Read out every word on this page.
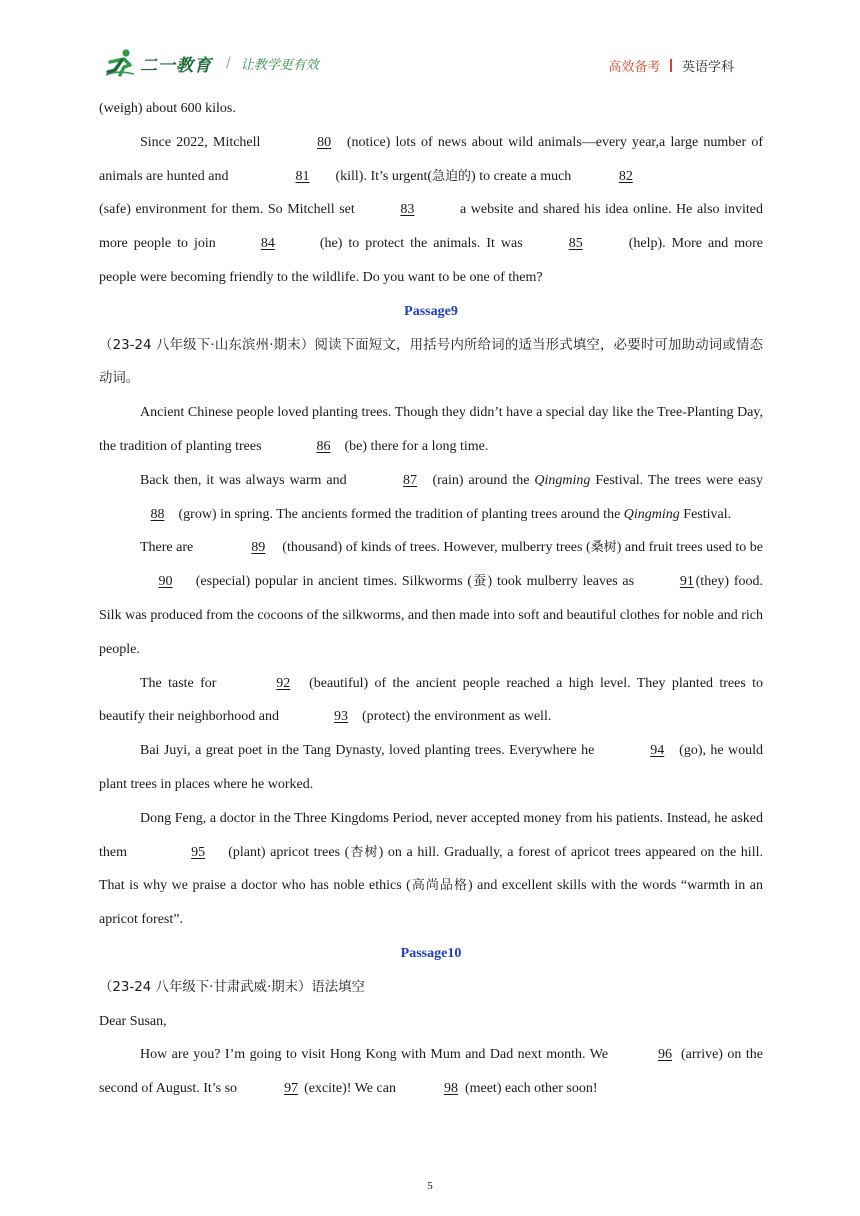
二一教育 / 让教学更有效	高效备考 英语学科

(weigh) about 600 kilos.

Since 2022, Mitchell	80 (notice) lots of news about wild animals—every year,a large number of animals are hunted and	81 (kill). It’s urgent(急迫的) to create a much	82

(safe) environment for them. So Mitchell set	83	a website and shared his idea online. He also invited more people to join	84	(he) to protect the animals. It was	85	(help). More and more people were becoming friendly to the wildlife. Do you want to be one of them?

Passage9

（23-24 八年级下·山东滨州·期末）阅读下面短文，用括号内所给词的适当形式填空，必要时可加助动词或情态动词。

Ancient Chinese people loved planting trees. Though they didn’t have a special day like the Tree-Planting Day, the tradition of planting trees	86 (be) there for a long time.

Back then, it was always warm and	87 (rain) around the Qingming Festival. The trees were easy 88 (grow) in spring. The ancients formed the tradition of planting trees around the Qingming Festival.

There are	89 (thousand) of kinds of trees. However, mulberry trees (桑树) and fruit trees used to be 90 (especial) popular in ancient times. Silkworms (蚕) took mulberry leaves as	91 (they) food. Silk was produced from the cocoons of the silkworms, and then made into soft and beautiful clothes for noble and rich people.

The taste for	92 (beautiful) of the ancient people reached a high level. They planted trees to beautify their neighborhood and	93 (protect) the environment as well.

Bai Juyi, a great poet in the Tang Dynasty, loved planting trees. Everywhere he	94 (go), he would plant trees in places where he worked.

Dong Feng, a doctor in the Three Kingdoms Period, never accepted money from his patients. Instead, he asked them	95 (plant) apricot trees (杏树) on a hill. Gradually, a forest of apricot trees appeared on the hill. That is why we praise a doctor who has noble ethics (高尚品格) and excellent skills with the words “warmth in an apricot forest”.

Passage10

（23-24 八年级下·甘肃武威·期末）语法填空

Dear Susan,

How are you? I’m going to visit Hong Kong with Mum and Dad next month. We	96 (arrive) on the second of August. It’s so	97 (excite)! We can	98 (meet) each other soon!

5
